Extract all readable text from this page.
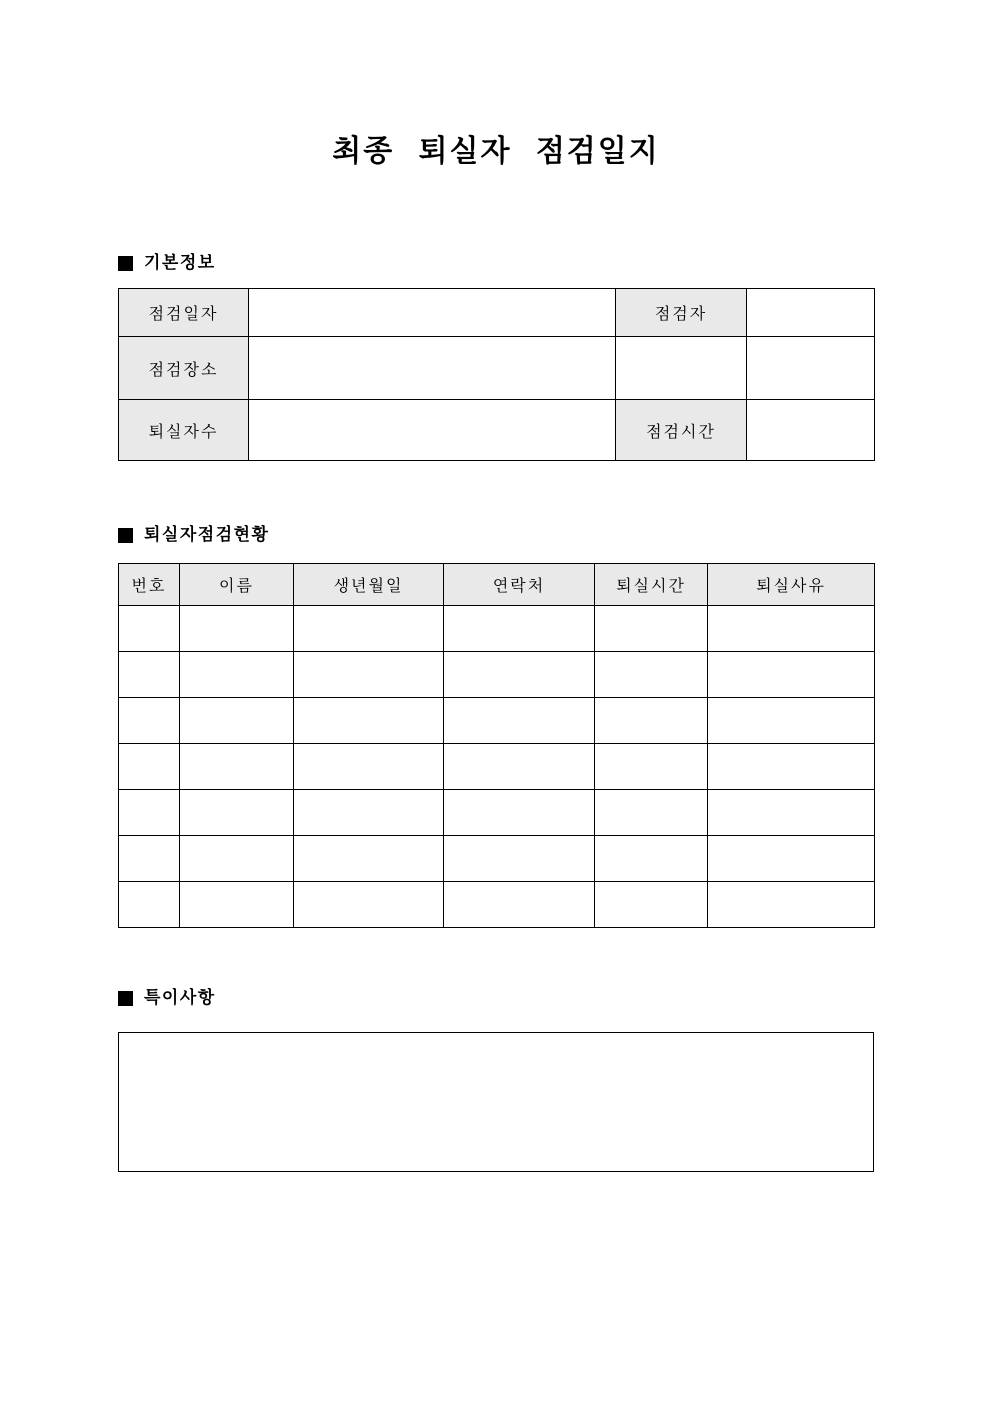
최종 퇴실자 점검일지
기본정보
점검일자		점검자	
점검장소			
퇴실자수		점검시간	
퇴실자점검현황
번호	이름	생년월일	연락처	퇴실시간	퇴실사유

특이사항
